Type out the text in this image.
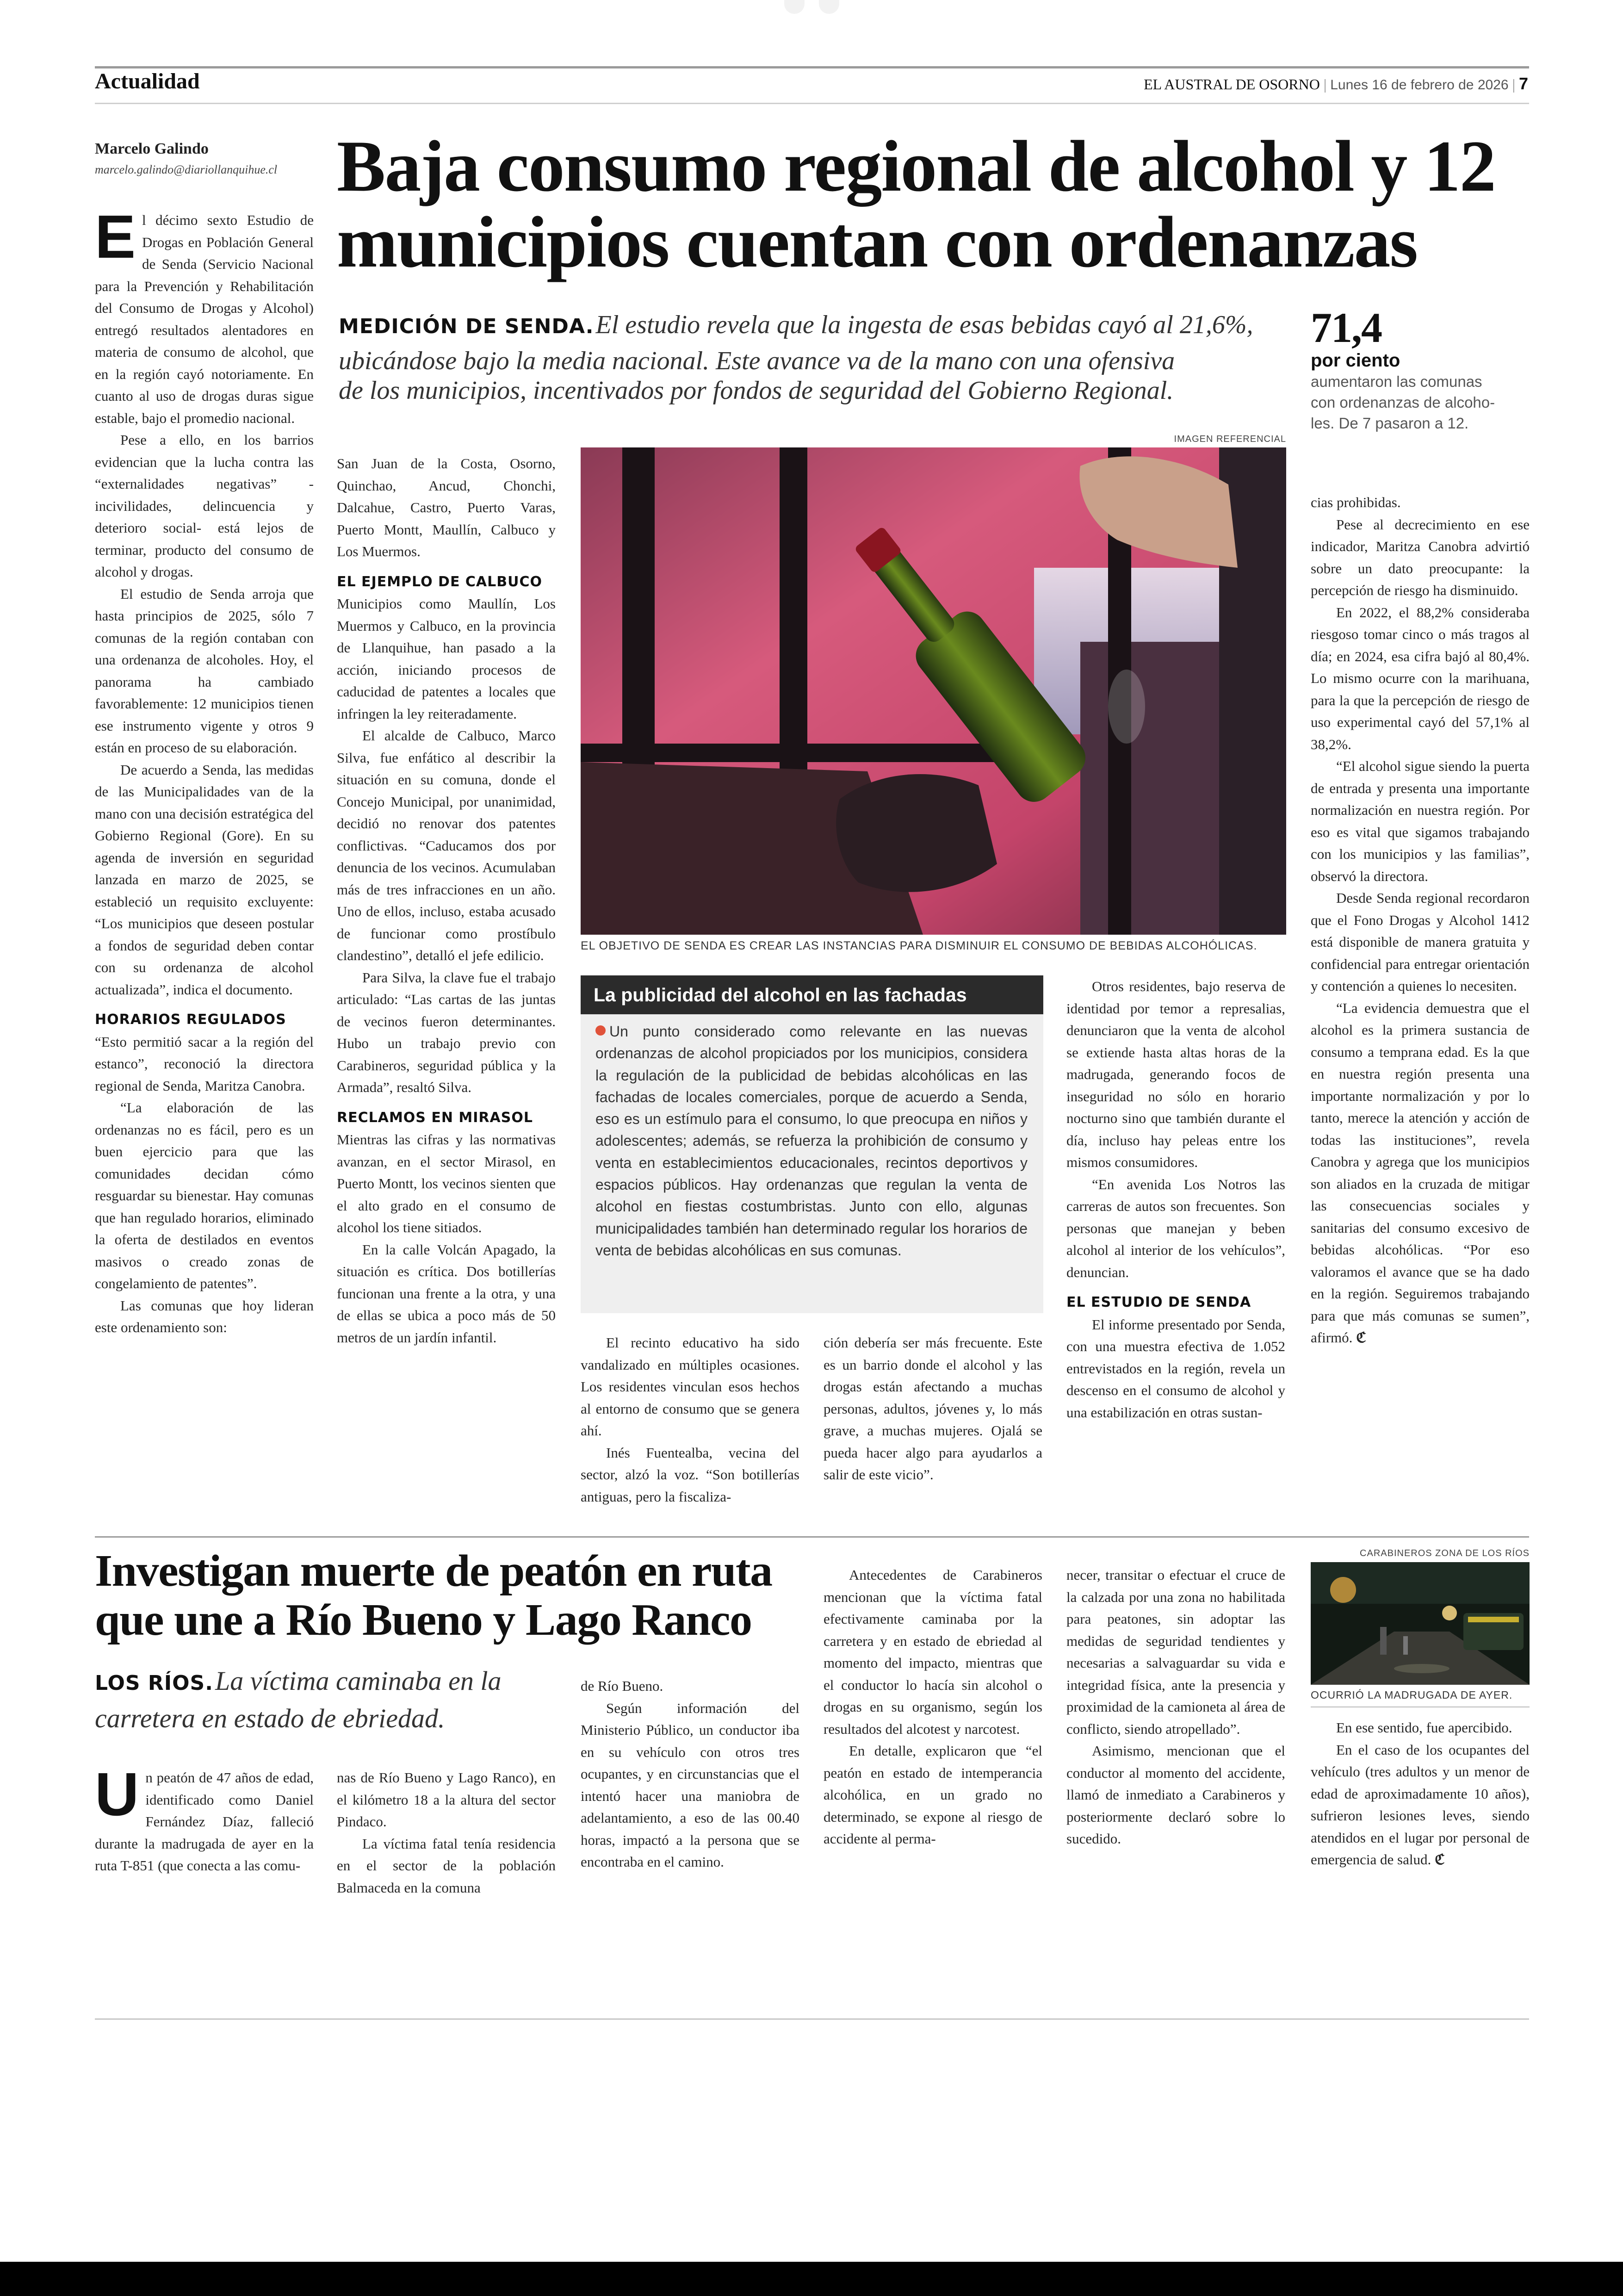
Actualidad	EL AUSTRAL DE OSORNO | Lunes 16 de febrero de 2026 | 7
Marcelo Galindo
marcelo.galindo@diariollanquihue.cl Baja consumo regional de alcohol y 12
municipios cuentan con ordenanzas
MEDICIÓN DE SENDA. El estudio revela que la ingesta de esas bebidas cayó al 21,6%,
ubicándose bajo la media nacional. Este avance va de la mano con una ofensiva
de los municipios, incentivados por fondos de seguridad del Gobierno Regional.
71,4
por ciento
aumentaron las comunas
con ordenanzas de alcoho-
les. De 7 pasaron a 12.

El décimo sexto Estudio de Drogas en Población General de Senda (Servicio Nacional para la Prevención y Rehabilitación del Consumo de Drogas y Alcohol) entregó resultados alentadores en materia de consumo de alcohol, que en la región cayó notoriamente. En cuanto al uso de drogas duras sigue estable, bajo el promedio nacional.

Pese a ello, en los barrios evidencian que la lucha contra las “externalidades negativas” -incivilidades, delincuencia y deterioro social- está lejos de terminar, producto del consumo de alcohol y drogas.

El estudio de Senda arroja que hasta principios de 2025, sólo 7 comunas de la región contaban con una ordenanza de alcoholes. Hoy, el panorama ha cambiado favorablemente: 12 municipios tienen ese instrumento vigente y otros 9 están en proceso de su elaboración.

De acuerdo a Senda, las medidas de las Municipalidades van de la mano con una decisión estratégica del Gobierno Regional (Gore). En su agenda de inversión en seguridad lanzada en marzo de 2025, se estableció un requisito excluyente: “Los municipios que deseen postular a fondos de seguridad deben contar con su ordenanza de alcohol actualizada”, indica el documento.

HORARIOS REGULADOS

“Esto permitió sacar a la región del estanco”, reconoció la directora regional de Senda, Maritza Canobra.

“La elaboración de las ordenanzas no es fácil, pero es un buen ejercicio para que las comunidades decidan cómo resguardar su bienestar. Hay comunas que han regulado horarios, eliminado la oferta de destilados en eventos masivos o creado zonas de congelamiento de patentes”.

Las comunas que hoy lideran este ordenamiento son:

San Juan de la Costa, Osorno, Quinchao, Ancud, Chonchi, Dalcahue, Castro, Puerto Varas, Puerto Montt, Maullín, Calbuco y Los Muermos.

EL EJEMPLO DE CALBUCO

Municipios como Maullín, Los Muermos y Calbuco, en la provincia de Llanquihue, han pasado a la acción, iniciando procesos de caducidad de patentes a locales que infringen la ley reiteradamente.

El alcalde de Calbuco, Marco Silva, fue enfático al describir la situación en su comuna, donde el Concejo Municipal, por unanimidad, decidió no renovar dos patentes conflictivas. “Caducamos dos por denuncia de los vecinos. Acumulaban más de tres infracciones en un año. Uno de ellos, incluso, estaba acusado de funcionar como prostíbulo clandestino”, detalló el jefe edilicio.

Para Silva, la clave fue el trabajo articulado: “Las cartas de las juntas de vecinos fueron determinantes. Hubo un trabajo previo con Carabineros, seguridad pública y la Armada”, resaltó Silva.

RECLAMOS EN MIRASOL

Mientras las cifras y las normativas avanzan, en el sector Mirasol, en Puerto Montt, los vecinos sienten que el alto grado en el consumo de alcohol los tiene sitiados.

En la calle Volcán Apagado, la situación es crítica. Dos botillerías funcionan una frente a la otra, y una de ellas se ubica a poco más de 50 metros de un jardín infantil.

IMAGEN REFERENCIAL
EL OBJETIVO DE SENDA ES CREAR LAS INSTANCIAS PARA DISMINUIR EL CONSUMO DE BEBIDAS ALCOHÓLICAS.
La publicidad del alcohol en las fachadas
Un punto considerado como relevante en las nuevas ordenanzas de alcohol propiciados por los municipios, considera la regulación de la publicidad de bebidas alcohólicas en las fachadas de locales comerciales, porque de acuerdo a Senda, eso es un estímulo para el consumo, lo que preocupa en niños y adolescentes; además, se refuerza la prohibición de consumo y venta en establecimientos educacionales, recintos deportivos y espacios públicos. Hay ordenanzas que regulan la venta de alcohol en fiestas costumbristas. Junto con ello, algunas municipalidades también han determinado regular los horarios de venta de bebidas alcohólicas en sus comunas.

El recinto educativo ha sido vandalizado en múltiples ocasiones. Los residentes vinculan esos hechos al entorno de consumo que se genera ahí.

Inés Fuentealba, vecina del sector, alzó la voz. “Son botillerías antiguas, pero la fiscaliza-

ción debería ser más frecuente. Este es un barrio donde el alcohol y las drogas están afectando a muchas personas, adultos, jóvenes y, lo más grave, a muchas mujeres. Ojalá se pueda hacer algo para ayudarlos a salir de este vicio”.

Otros residentes, bajo reserva de identidad por temor a represalias, denunciaron que la venta de alcohol se extiende hasta altas horas de la madrugada, generando focos de inseguridad no sólo en horario nocturno sino que también durante el día, incluso hay peleas entre los mismos consumidores.

“En avenida Los Notros las carreras de autos son frecuentes. Son personas que manejan y beben alcohol al interior de los vehículos”, denuncian.

EL ESTUDIO DE SENDA

El informe presentado por Senda, con una muestra efectiva de 1.052 entrevistados en la región, revela un descenso en el consumo de alcohol y una estabilización en otras sustan-

cias prohibidas.

Pese al decrecimiento en ese indicador, Maritza Canobra advirtió sobre un dato preocupante: la percepción de riesgo ha disminuido.

En 2022, el 88,2% consideraba riesgoso tomar cinco o más tragos al día; en 2024, esa cifra bajó al 80,4%. Lo mismo ocurre con la marihuana, para la que la percepción de riesgo de uso experimental cayó del 57,1% al 38,2%.

“El alcohol sigue siendo la puerta de entrada y presenta una importante normalización en nuestra región. Por eso es vital que sigamos trabajando con los municipios y las familias”, observó la directora.

Desde Senda regional recordaron que el Fono Drogas y Alcohol 1412 está disponible de manera gratuita y confidencial para entregar orientación y contención a quienes lo necesiten.

“La evidencia demuestra que el alcohol es la primera sustancia de consumo a temprana edad. Es la que en nuestra región presenta una importante normalización y por lo tanto, merece la atención y acción de todas las instituciones”, revela Canobra y agrega que los municipios son aliados en la cruzada de mitigar las consecuencias sociales y sanitarias del consumo excesivo de bebidas alcohólicas. “Por eso valoramos el avance que se ha dado en la región. Seguiremos trabajando para que más comunas se sumen”, afirmó. ℭ

Investigan muerte de peatón en ruta
que une a Río Bueno y Lago Ranco
LOS RÍOS. La víctima caminaba en la
carretera en estado de ebriedad.

Un peatón de 47 años de edad, identificado como Daniel Fernández Díaz, falleció durante la madrugada de ayer en la ruta T-851 (que conecta a las comu-

nas de Río Bueno y Lago Ranco), en el kilómetro 18 a la altura del sector Pindaco.

La víctima fatal tenía residencia en el sector de la población Balmaceda en la comuna

de Río Bueno.

Según información del Ministerio Público, un conductor iba en su vehículo con otros tres ocupantes, y en circunstancias que el intentó hacer una maniobra de adelantamiento, a eso de las 00.40 horas, impactó a la persona que se encontraba en el camino.

Antecedentes de Carabineros mencionan que la víctima fatal efectivamente caminaba por la carretera y en estado de ebriedad al momento del impacto, mientras que el conductor lo hacía sin alcohol o drogas en su organismo, según los resultados del alcotest y narcotest.

En detalle, explicaron que “el peatón en estado de intemperancia alcohólica, en un grado no determinado, se expone al riesgo de accidente al perma-

necer, transitar o efectuar el cruce de la calzada por una zona no habilitada para peatones, sin adoptar las medidas de seguridad tendientes y necesarias a salvaguardar su vida e integridad física, ante la presencia y proximidad de la camioneta al área de conflicto, siendo atropellado”.

Asimismo, mencionan que el conductor al momento del accidente, llamó de inmediato a Carabineros y posteriormente declaró sobre lo sucedido.

CARABINEROS ZONA DE LOS RÍOS
OCURRIÓ LA MADRUGADA DE AYER.

En ese sentido, fue apercibido.

En el caso de los ocupantes del vehículo (tres adultos y un menor de edad de aproximadamente 10 años), sufrieron lesiones leves, siendo atendidos en el lugar por personal de emergencia de salud. ℭ
